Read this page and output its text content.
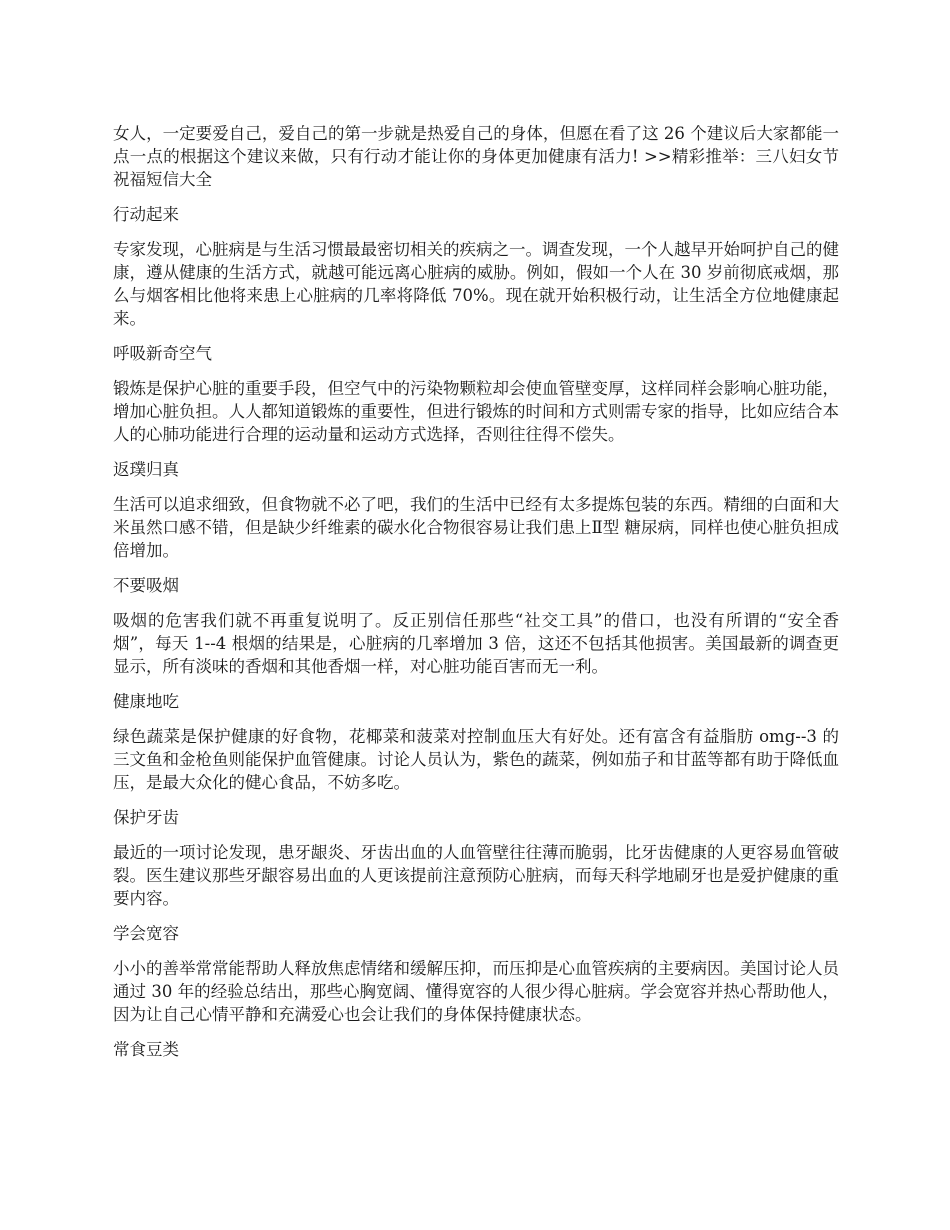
女人，一定要爱自己，爱自己的第一步就是热爱自己的身体，但愿在看了这 26 个建议后大家都能一点一点的根据这个建议来做，只有行动才能让你的身体更加健康有活力! >>精彩推举：三八妇女节祝福短信大全

行动起来

专家发现，心脏病是与生活习惯最最密切相关的疾病之一。调查发现，一个人越早开始呵护自己的健康，遵从健康的生活方式，就越可能远离心脏病的威胁。例如，假如一个人在 30 岁前彻底戒烟，那么与烟客相比他将来患上心脏病的几率将降低 70%。现在就开始积极行动，让生活全方位地健康起来。

呼吸新奇空气

锻炼是保护心脏的重要手段，但空气中的污染物颗粒却会使血管壁变厚，这样同样会影响心脏功能，增加心脏负担。人人都知道锻炼的重要性，但进行锻炼的时间和方式则需专家的指导，比如应结合本人的心肺功能进行合理的运动量和运动方式选择，否则往往得不偿失。

返璞归真

生活可以追求细致，但食物就不必了吧，我们的生活中已经有太多提炼包装的东西。精细的白面和大米虽然口感不错，但是缺少纤维素的碳水化合物很容易让我们患上Ⅱ型 糖尿病，同样也使心脏负担成倍增加。

不要吸烟

吸烟的危害我们就不再重复说明了。反正别信任那些“社交工具”的借口，也没有所谓的“安全香烟”，每天 1--4 根烟的结果是，心脏病的几率增加 3 倍，这还不包括其他损害。美国最新的调查更显示，所有淡味的香烟和其他香烟一样，对心脏功能百害而无一利。

健康地吃

绿色蔬菜是保护健康的好食物，花椰菜和菠菜对控制血压大有好处。还有富含有益脂肪 omg--3 的三文鱼和金枪鱼则能保护血管健康。讨论人员认为，紫色的蔬菜，例如茄子和甘蓝等都有助于降低血压，是最大众化的健心食品，不妨多吃。

保护牙齿

最近的一项讨论发现，患牙龈炎、牙齿出血的人血管壁往往薄而脆弱，比牙齿健康的人更容易血管破裂。医生建议那些牙龈容易出血的人更该提前注意预防心脏病，而每天科学地刷牙也是爱护健康的重要内容。

学会宽容

小小的善举常常能帮助人释放焦虑情绪和缓解压抑，而压抑是心血管疾病的主要病因。美国讨论人员通过 30 年的经验总结出，那些心胸宽阔、懂得宽容的人很少得心脏病。学会宽容并热心帮助他人，因为让自己心情平静和充满爱心也会让我们的身体保持健康状态。

常食豆类
